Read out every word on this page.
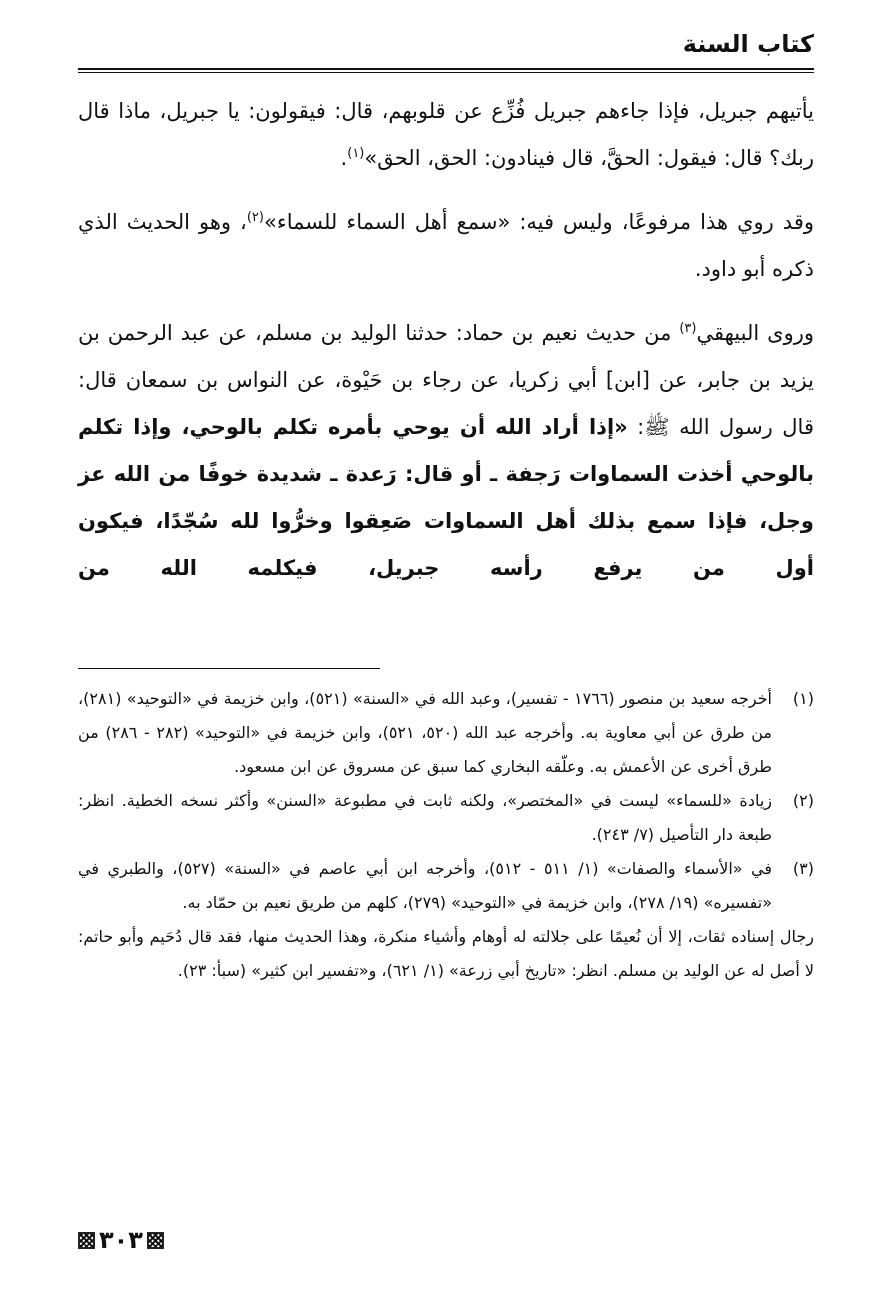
كتاب السنة

يأتيهم جبريل، فإذا جاءهم جبريل فُزِّع عن قلوبهم، قال: فيقولون: يا جبريل، ماذا قال ربك؟ قال: فيقول: الحقَّ، قال فينادون: الحق، الحق»$^{(١)}$.

وقد روي هذا مرفوعًا، وليس فيه: «سمع أهل السماء للسماء»$^{(٢)}$، وهو الحديث الذي ذكره أبو داود.

وروى البيهقي$^{(٣)}$ من حديث نعيم بن حماد: حدثنا الوليد بن مسلم، عن عبد الرحمن بن يزيد بن جابر، عن [ابن] أبي زكريا، عن رجاء بن حَيْوة، عن النواس بن سمعان قال: قال رسول الله ﷺ: «إذا أراد الله أن يوحي بأمره تكلم بالوحي، وإذا تكلم بالوحي أخذت السماوات رَجفة ـ أو قال: رَعدة ـ شديدة خوفًا من الله عز وجل، فإذا سمع بذلك أهل السماوات صَعِقوا وخرُّوا لله سُجّدًا، فيكون أول من يرفع رأسه جبريل، فيكلمه الله من

(١)
أخرجه سعيد بن منصور (١٧٦٦ - تفسير)، وعبد الله في «السنة» (٥٢١)، وابن خزيمة في «التوحيد» (٢٨١)، من طرق عن أبي معاوية به. وأخرجه عبد الله (٥٢٠، ٥٢١)، وابن خزيمة في «التوحيد» (٢٨٢ - ٢٨٦) من طرق أخرى عن الأعمش به. وعلّقه البخاري كما سبق عن مسروق عن ابن مسعود.
(٢)
زيادة «للسماء» ليست في «المختصر»، ولكنه ثابت في مطبوعة «السنن» وأكثر نسخه الخطية. انظر: طبعة دار التأصيل (٧/ ٢٤٣).
(٣)
في «الأسماء والصفات» (١/ ٥١١ - ٥١٢)، وأخرجه ابن أبي عاصم في «السنة» (٥٢٧)، والطبري في «تفسيره» (١٩/ ٢٧٨)، وابن خزيمة في «التوحيد» (٢٧٩)، كلهم من طريق نعيم بن حمّاد به.
رجال إسناده ثقات، إلا أن نُعيمًا على جلالته له أوهام وأشياء منكرة، وهذا الحديث منها، فقد قال دُحَيم وأبو حاتم: لا أصل له عن الوليد بن مسلم. انظر: «تاريخ أبي زرعة» (١/ ٦٢١)، و«تفسير ابن كثير» (سبأ: ٢٣).
٣٠٣
